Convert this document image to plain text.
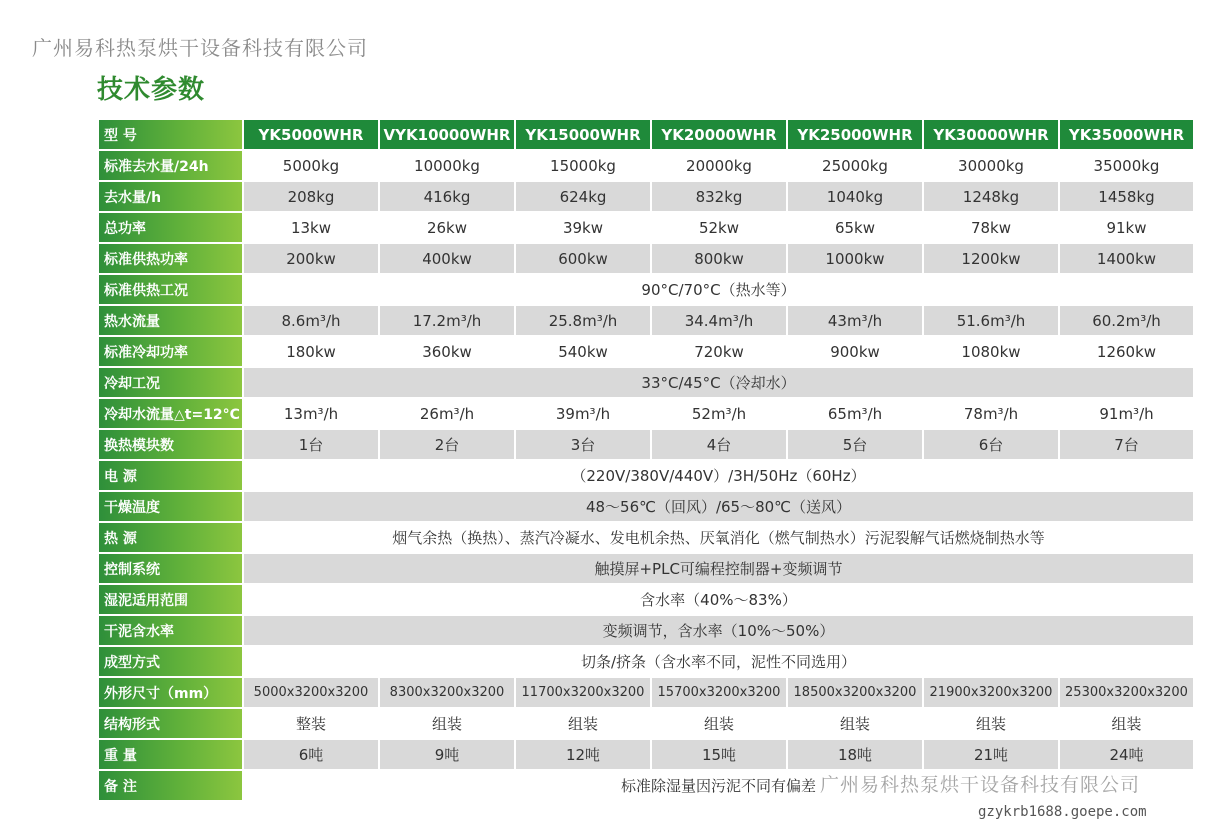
广州易科热泵烘干设备科技有限公司
技术参数
型 号	YK5000WHR	VYK10000WHR	YK15000WHR	YK20000WHR	YK25000WHR	YK30000WHR	YK35000WHR
标准去水量/24h	5000kg	10000kg	15000kg	20000kg	25000kg	30000kg	35000kg
去水量/h	208kg	416kg	624kg	832kg	1040kg	1248kg	1458kg
总功率	13kw	26kw	39kw	52kw	65kw	78kw	91kw
标准供热功率	200kw	400kw	600kw	800kw	1000kw	1200kw	1400kw
标准供热工况	90°C/70°C（热水等）						
热水流量	8.6m³/h	17.2m³/h	25.8m³/h	34.4m³/h	43m³/h	51.6m³/h	60.2m³/h
标准冷却功率	180kw	360kw	540kw	720kw	900kw	1080kw	1260kw
冷却工况	33°C/45°C（冷却水）						
冷却水流量△t=12°C	13m³/h	26m³/h	39m³/h	52m³/h	65m³/h	78m³/h	91m³/h
换热模块数	1台	2台	3台	4台	5台	6台	7台
电 源	（220V/380V/440V）/3H/50Hz（60Hz）						
干燥温度	48～56℃（回风）/65～80℃（送风）						
热 源	烟气余热（换热）、蒸汽冷凝水、发电机余热、厌氧消化（燃气制热水）污泥裂解气话燃烧制热水等						
控制系统	触摸屏+PLC可编程控制器+变频调节						
湿泥适用范围	含水率（40%～83%）						
干泥含水率	变频调节，含水率（10%～50%）						
成型方式	切条/挤条（含水率不同，泥性不同选用）						
外形尺寸（mm）	5000x3200x3200	8300x3200x3200	11700x3200x3200	15700x3200x3200	18500x3200x3200	21900x3200x3200	25300x3200x3200
结构形式	整装	组装	组装	组装	组装	组装	组装
重 量	6吨	9吨	12吨	15吨	18吨	21吨	24吨
备 注	标准除湿量因污泥不同有偏差						广州易科热泵烘干设备科技有限公司
gzykrb1688.goepe.com
